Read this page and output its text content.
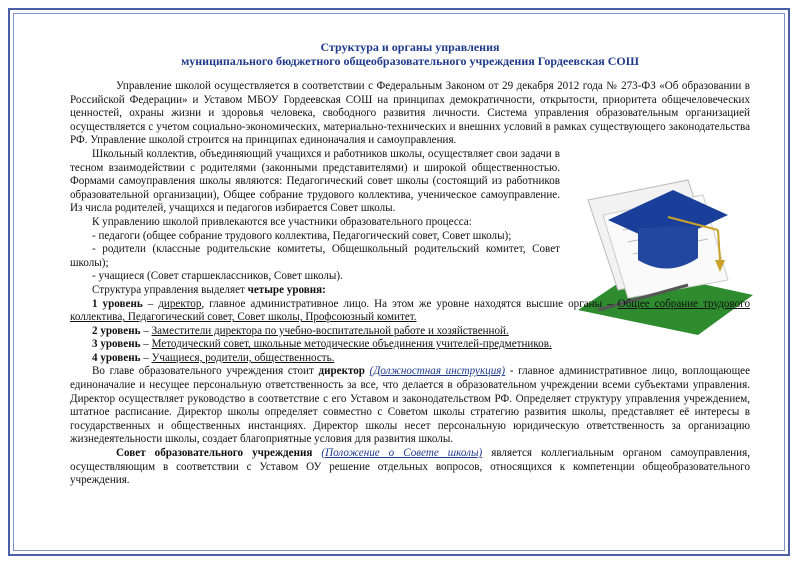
Структура и органы управления
муниципального бюджетного общеобразовательного учреждения Гордеевская СОШ

Управление школой осуществляется в соответствии с Федеральным Законом от 29 декабря 2012 года № 273-ФЗ «Об образовании в Российской Федерации» и Уставом МБОУ Гордеевская СОШ на принципах демократичности, открытости, приоритета общечеловеческих ценностей, охраны жизни и здоровья человека, свободного развития личности. Система управления образовательным организацией осуществляется с учетом социально-экономических, материально-технических и внешних условий в рамках существующего законодательства РФ. Управление школой строится на принципах единоначалия и самоуправления.

Школьный коллектив, объединяющий учащихся и работников школы, осуществляет свои задачи в тесном взаимодействии с родителями (законными представителями) и широкой общественностью. Формами самоуправления школы являются: Педагогический совет школы (состоящий из работников образовательной организации), Общее собрание трудового коллектива, ученическое самоуправление. Из числа родителей, учащихся и педагогов избирается Совет школы.

К управлению школой привлекаются все участники образовательного процесса:

- педагоги (общее собрание трудового коллектива, Педагогический совет, Совет школы);

- родители (классные родительские комитеты, Общешкольный родительский комитет, Совет школы);

- учащиеся (Совет старшеклассников, Совет школы).

Структура управления выделяет четыре уровня:

1 уровень – директор, главное административное лицо. На этом же уровне находятся высшие органы – Общее собрание трудового коллектива, Педагогический совет, Совет школы, Профсоюзный комитет.

2 уровень – Заместители директора по учебно-воспитательной работе и хозяйственной.

3 уровень – Методический совет, школьные методические объединения учителей-предметников.

4 уровень – Учащиеся, родители, общественность.

Во главе образовательного учреждения стоит директор (Должностная инструкция) - главное административное лицо, воплощающее единоначалие и несущее персональную ответственность за все, что делается в образовательном учреждении всеми субъектами управления. Директор осуществляет руководство в соответствие с его Уставом и законодательством РФ. Определяет структуру управления учреждением, штатное расписание. Директор школы определяет совместно с Советом школы стратегию развития школы, представляет её интересы в государственных и общественных инстанциях. Директор школы несет персональную юридическую ответственность за организацию жизнедеятельности школы, создает благоприятные условия для развития школы.

Совет образовательного учреждения (Положение о Совете школы) является коллегиальным органом самоуправления, осуществляющим в соответствии с Уставом ОУ решение отдельных вопросов, относящихся к компетенции общеобразовательного учреждения.
